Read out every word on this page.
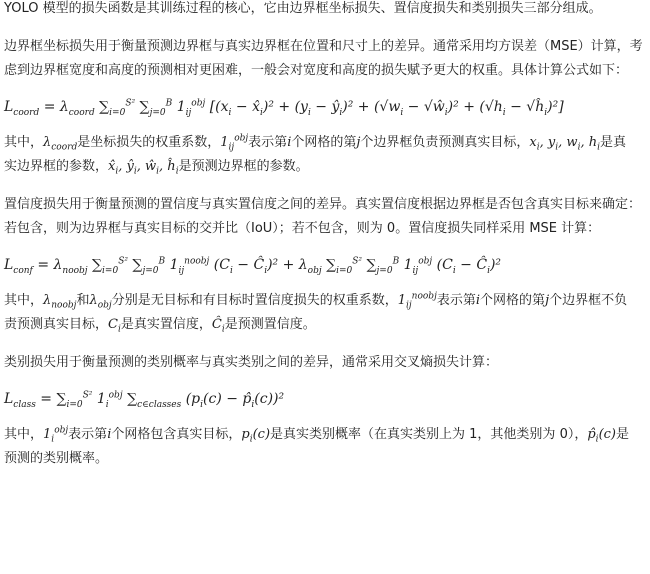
YOLO 模型的损失函数是其训练过程的核心，它由边界框坐标损失、置信度损失和类别损失三部分组成。

边界框坐标损失用于衡量预测边界框与真实边界框在位置和尺寸上的差异。通常采用均方误差（MSE）计算，考

虑到边界框宽度和高度的预测相对更困难，一般会对宽度和高度的损失赋予更大的权重。具体计算公式如下：

$L_{coord} = \lambda_{coord}$ $\sum_{i=0}^{S^2}$ $\sum_{j=0}^B$ $1_{ij}^{obj}$ [($x_i$ − $x̂_i)^2 + (y_i$ − $ŷ_i)^2 + (√w_i$ − $√ŵ_i)^2 + (√h_i$ − $√ĥ_i)^2$]

其中，$\lambda_{coord}$是坐标损失的权重系数，$1_{ij}^{obj}$表示第i个网格的第j个边界框负责预测真实目标，$x_i$, $y_i$, $w_i$, $h_i$是真

实边界框的参数，$x̂_i$, $ŷ_i$, $ŵ_i$, $ĥ_i$是预测边界框的参数。

置信度损失用于衡量预测的置信度与真实置信度之间的差异。真实置信度根据边界框是否包含真实目标来确定：

若包含，则为边界框与真实目标的交并比（IoU）；若不包含，则为 0。置信度损失同样采用 MSE 计算：

$L_{conf} = \lambda_{noobj}$ $\sum_{i=0}^{S^2}$ $\sum_{j=0}^B$ $1_{ij}^{noobj}$ ($C_i$ − $Ĉ_i)^2 + \lambda_{obj}$ $\sum_{i=0}^{S^2}$ $\sum_{j=0}^B$ $1_{ij}^{obj}$ ($C_i$ − $Ĉ_i)^2$

其中，$\lambda_{noobj}$和$\lambda_{obj}$分别是无目标和有目标时置信度损失的权重系数，$1_{ij}^{noobj}$表示第i个网格的第j个边界框不负

责预测真实目标，$C_i$是真实置信度，$Ĉ_i$是预测置信度。

类别损失用于衡量预测的类别概率与真实类别之间的差异，通常采用交叉熵损失计算：

$L_{class} = \sum_{i=0}^{S^2}$ $1_i^{obj}$ $\sum_{c\in classes}$ ($p_i(c)$ − $p̂_i(c))^2$

其中，$1_i^{obj}$表示第i个网格包含真实目标，$p_i(c)$是真实类别概率（在真实类别上为 1，其他类别为 0），$p̂_i(c)$是

预测的类别概率。
